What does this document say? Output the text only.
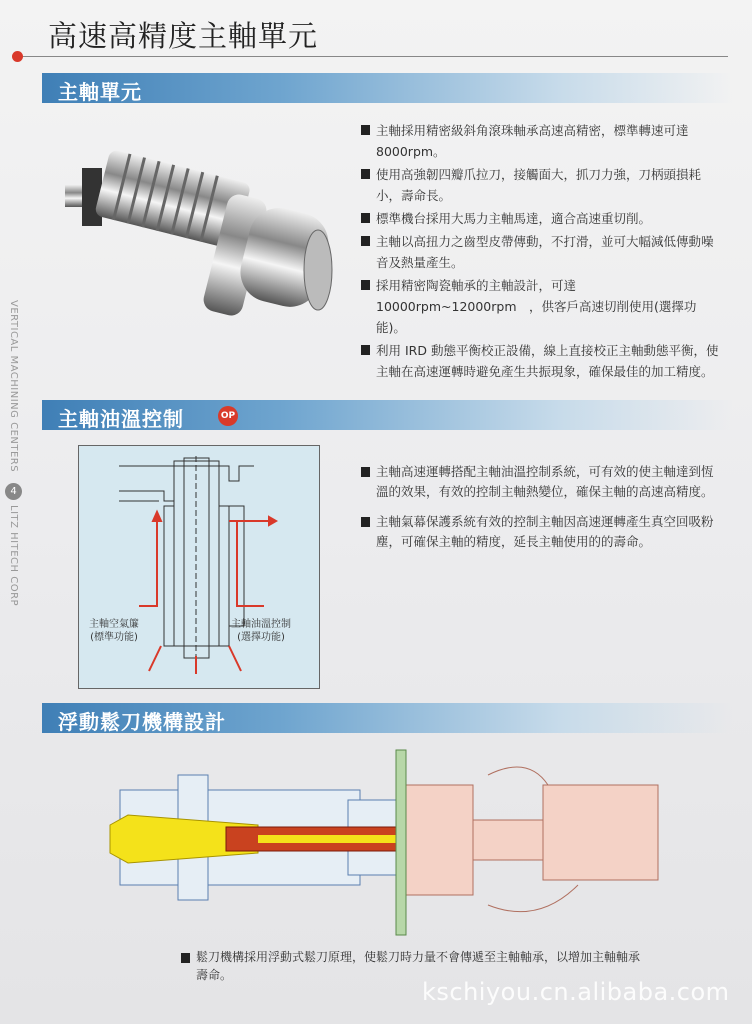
高速高精度主軸單元
VERTICAL MACHINING CENTERS
4
LITZ HITECH CORP
主軸單元
主軸採用精密級斜角滾珠軸承高速高精密，標準轉速可達8000rpm。
使用高強韌四瓣爪拉刀，接觸面大，抓刀力強，刀柄頭損耗小，壽命長。
標準機台採用大馬力主軸馬達，適合高速重切削。
主軸以高扭力之齒型皮帶傳動，不打滑，並可大幅減低傳動噪音及熱量產生。
採用精密陶瓷軸承的主軸設計，可達 10000rpm~12000rpm　，供客戶高速切削使用(選擇功能)。
利用 IRD 動態平衡校正設備，線上直接校正主軸動態平衡，使主軸在高速運轉時避免產生共振現象，確保最佳的加工精度。
主軸油溫控制	OP
主軸空氣簾
(標準功能)
主軸油溫控制
(選擇功能)
主軸高速運轉搭配主軸油溫控制系統，可有效的使主軸達到恆溫的效果，有效的控制主軸熱變位，確保主軸的高速高精度。
主軸氣幕保護系統有效的控制主軸因高速運轉產生真空回吸粉塵，可確保主軸的精度，延長主軸使用的的壽命。
浮動鬆刀機構設計
鬆刀機構採用浮動式鬆刀原理，使鬆刀時力量不會傳遞至主軸軸承，以增加主軸軸承壽命。
kschiyou.cn.alibaba.com
